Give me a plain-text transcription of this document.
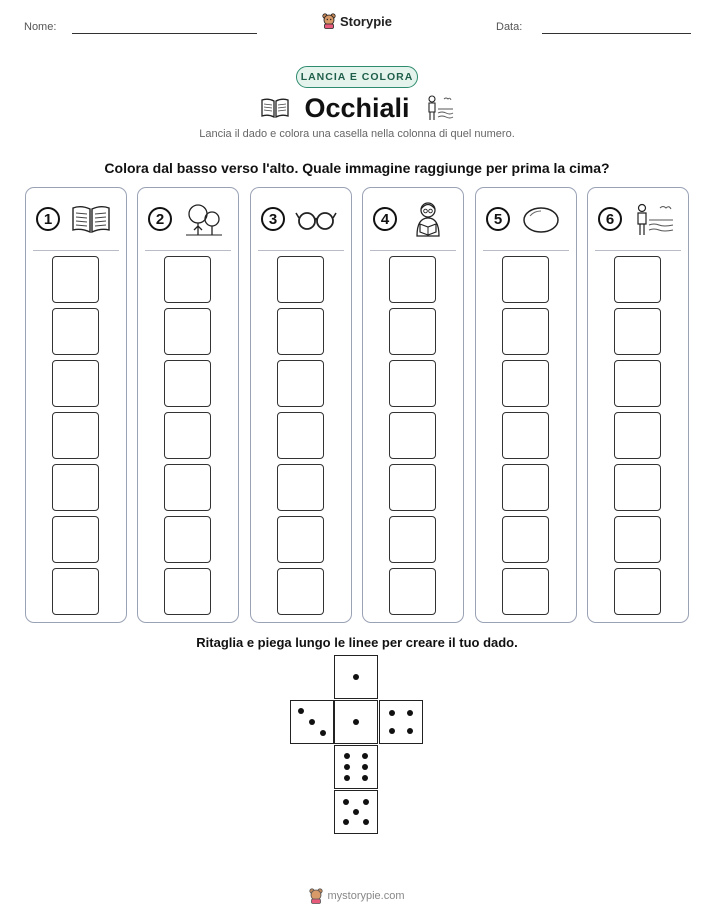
Nome:	Storypie	Data:
LANCIA E COLORA
Occhiali
Lancia il dado e colora una casella nella colonna di quel numero.
Colora dal basso verso l'alto. Quale immagine raggiunge per prima la cima?
1	2	3	4	5	6
Ritaglia e piega lungo le linee per creare il tuo dado.
mystorypie.com
